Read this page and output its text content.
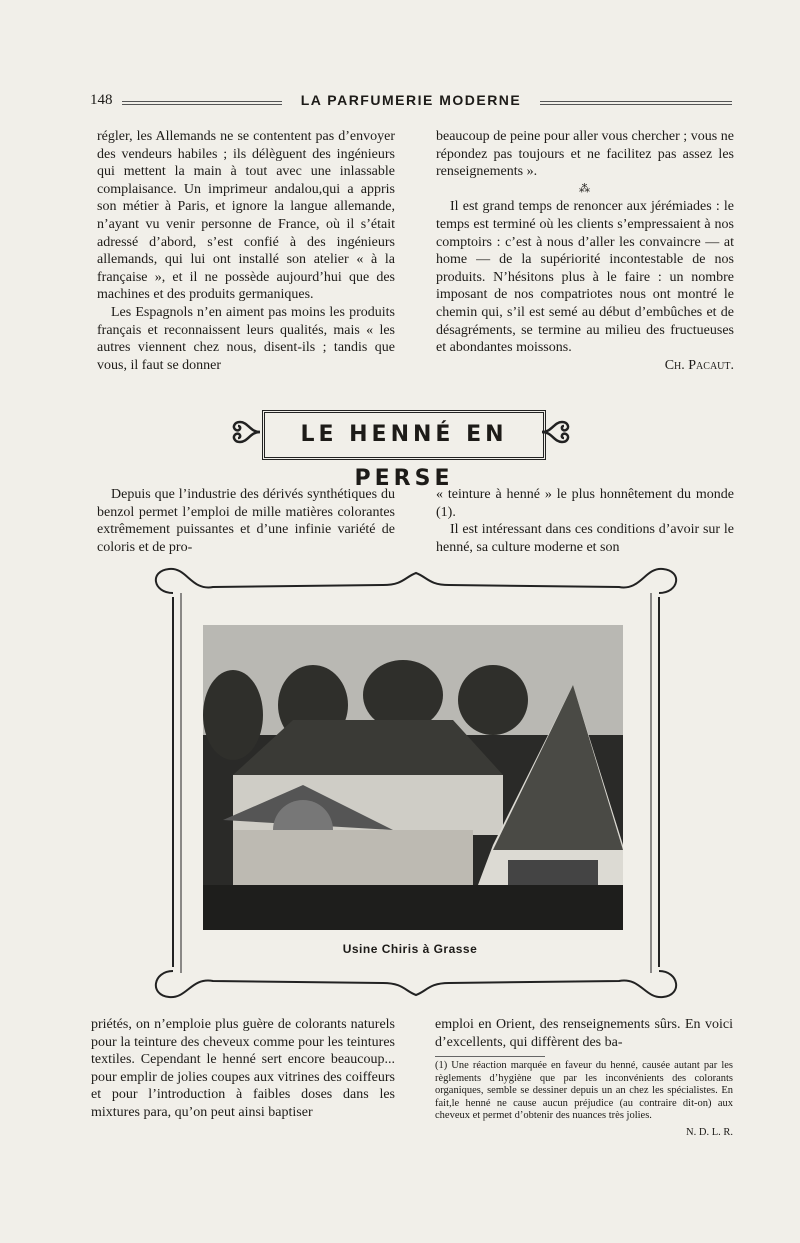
148	LA PARFUMERIE MODERNE

régler, les Allemands ne se contentent pas d’envoyer des vendeurs habiles ; ils délèguent des ingénieurs qui mettent la main à tout avec une inlassable complaisance. Un imprimeur andalou,qui a appris son métier à Paris, et ignore la langue allemande, n’ayant vu venir personne de France, où il s’était adressé d’abord, s’est confié à des ingénieurs allemands, qui lui ont installé son atelier « à la française », et il ne possède aujourd’hui que des machines et des produits germaniques.

Les Espagnols n’en aiment pas moins les produits français et reconnaissent leurs qualités, mais « les autres viennent chez nous, disent-ils ; tandis que vous, il faut se donner

beaucoup de peine pour aller vous chercher ; vous ne répondez pas toujours et ne facilitez pas assez les renseignements ».

⁂

Il est grand temps de renoncer aux jérémiades : le temps est terminé où les clients s’empressaient à nos comptoirs : c’est à nous d’aller les convaincre — at home — de la supériorité incontestable de nos produits. N’hésitons plus à le faire : un nombre imposant de nos compatriotes nous ont montré le chemin qui, s’il est semé au début d’embûches et de désagréments, se termine au milieu des fructueuses et abondantes moissons.

Ch. Pacaut.
LE HENNÉ EN PERSE

Depuis que l’industrie des dérivés synthétiques du benzol permet l’emploi de mille matières colorantes extrêmement puissantes et d’une infinie variété de coloris et de pro-

« teinture à henné » le plus honnêtement du monde (1).

Il est intéressant dans ces conditions d’avoir sur le henné, sa culture moderne et son

Usine Chiris à Grasse

priétés, on n’emploie plus guère de colorants naturels pour la teinture des cheveux comme pour les teintures textiles. Cependant le henné sert encore beaucoup... pour emplir de jolies coupes aux vitrines des coiffeurs et pour l’introduction à faibles doses dans les mixtures para, qu’on peut ainsi baptiser

emploi en Orient, des renseignements sûrs. En voici d’excellents, qui diffèrent des ba-

(1) Une réaction marquée en faveur du henné, causée autant par les règlements d’hygiène que par les inconvénients des colorants organiques, semble se dessiner depuis un an chez les spécialistes. En fait,le henné ne cause aucun préjudice (au contraire dit-on) aux cheveux et permet d’obtenir des nuances très jolies.
N. D. L. R.
